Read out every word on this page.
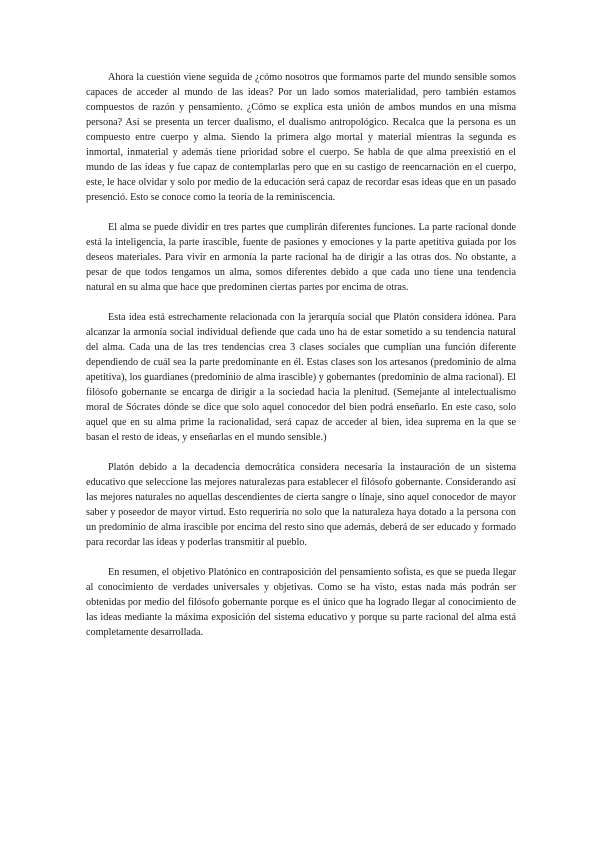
Ahora la cuestión viene seguida de ¿cómo nosotros que formamos parte del mundo sensible somos capaces de acceder al mundo de las ideas? Por un lado somos materialidad, pero también estamos compuestos de razón y pensamiento. ¿Cómo se explica esta unión de ambos mundos en una misma persona? Así se presenta un tercer dualismo, el dualismo antropológico. Recalca que la persona es un compuesto entre cuerpo y alma. Siendo la primera algo mortal y material mientras la segunda es inmortal, inmaterial y además tiene prioridad sobre el cuerpo. Se habla de que alma preexistió en el mundo de las ideas y fue capaz de contemplarlas pero que en su castigo de reencarnación en el cuerpo, este, le hace olvidar y solo por medio de la educación será capaz de recordar esas ideas que en un pasado presenció. Esto se conoce como la teoría de la reminiscencia.

El alma se puede dividir en tres partes que cumplirán diferentes funciones. La parte racional donde está la inteligencia, la parte irascible, fuente de pasiones y emociones y la parte apetitiva guiada por los deseos materiales. Para vivir en armonía la parte racional ha de dirigir a las otras dos. No obstante, a pesar de que todos tengamos un alma, somos diferentes debido a que cada uno tiene una tendencia natural en su alma que hace que predominen ciertas partes por encima de otras.

Esta idea está estrechamente relacionada con la jerarquía social que Platón considera idónea. Para alcanzar la armonía social individual defiende que cada uno ha de estar sometido a su tendencia natural del alma. Cada una de las tres tendencias crea 3 clases sociales que cumplían una función diferente dependiendo de cuál sea la parte predominante en él. Estas clases son los artesanos (predominio de alma apetitiva), los guardianes (predominio de alma irascible) y gobernantes (predominio de alma racional). El filósofo gobernante se encarga de dirigir a la sociedad hacia la plenitud. (Semejante al intelectualismo moral de Sócrates dónde se dice que solo aquel conocedor del bien podrá enseñarlo. En este caso, solo aquel que en su alma prime la racionalidad, será capaz de acceder al bien, idea suprema en la que se basan el resto de ideas, y enseñarlas en el mundo sensible.)

Platón debido a la decadencia democrática considera necesaria la instauración de un sistema educativo que seleccione las mejores naturalezas para establecer el filósofo gobernante. Considerando así las mejores naturales no aquellas descendientes de cierta sangre o linaje, sino aquel conocedor de mayor saber y poseedor de mayor virtud. Esto requeriría no solo que la naturaleza haya dotado a la persona con un predominio de alma irascible por encima del resto sino que además, deberá de ser educado y formado para recordar las ideas y poderlas transmitir al pueblo.

En resumen, el objetivo Platónico en contraposición del pensamiento sofista, es que se pueda llegar al conocimiento de verdades universales y objetivas. Como se ha visto, estas nada más podrán ser obtenidas por medio del filósofo gobernante porque es el único que ha logrado llegar al conocimiento de las ideas mediante la máxima exposición del sistema educativo y porque su parte racional del alma está completamente desarrollada.
